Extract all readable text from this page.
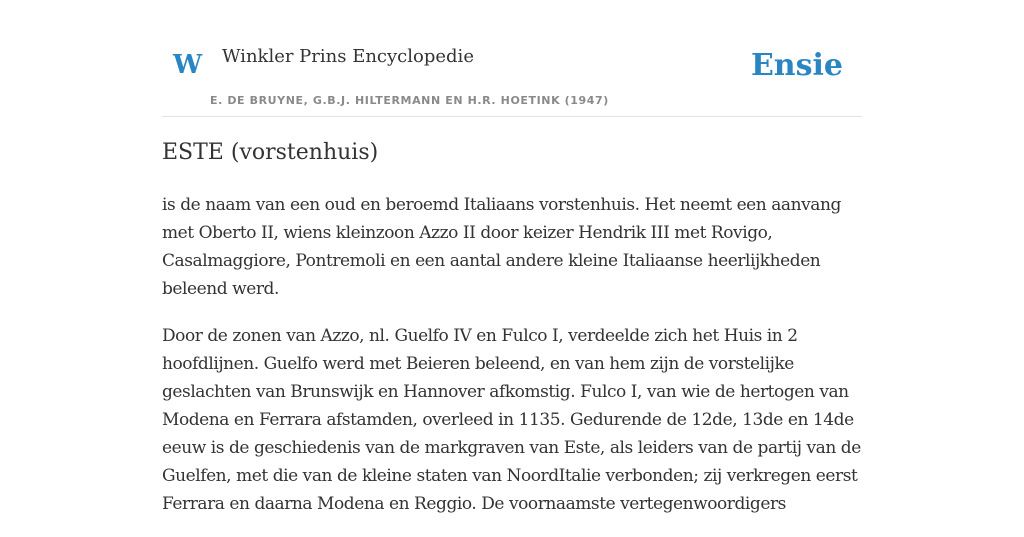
W Winkler Prins Encyclopedie
E. DE BRUYNE, G.B.J. HILTERMANN EN H.R. HOETINK (1947)
Ensie
ESTE (vorstenhuis)

is de naam van een oud en beroemd Italiaans vorstenhuis. Het neemt een aanvang met Oberto II, wiens kleinzoon Azzo II door keizer Hendrik III met Rovigo, Casalmaggiore, Pontremoli en een aantal andere kleine Italiaanse heerlijkheden beleend werd.

Door de zonen van Azzo, nl. Guelfo IV en Fulco I, verdeelde zich het Huis in 2 hoofdlijnen. Guelfo werd met Beieren beleend, en van hem zijn de vorstelijke geslachten van Brunswijk en Hannover afkomstig. Fulco I, van wie de hertogen van Modena en Ferrara afstamden, overleed in 1135. Gedurende de 12de, 13de en 14de eeuw is de geschiedenis van de markgraven van Este, als leiders van de partij van de Guelfen, met die van de kleine staten van NoordItalie verbonden; zij verkregen eerst Ferrara en daarna Modena en Reggio. De voornaamste vertegenwoordigers
